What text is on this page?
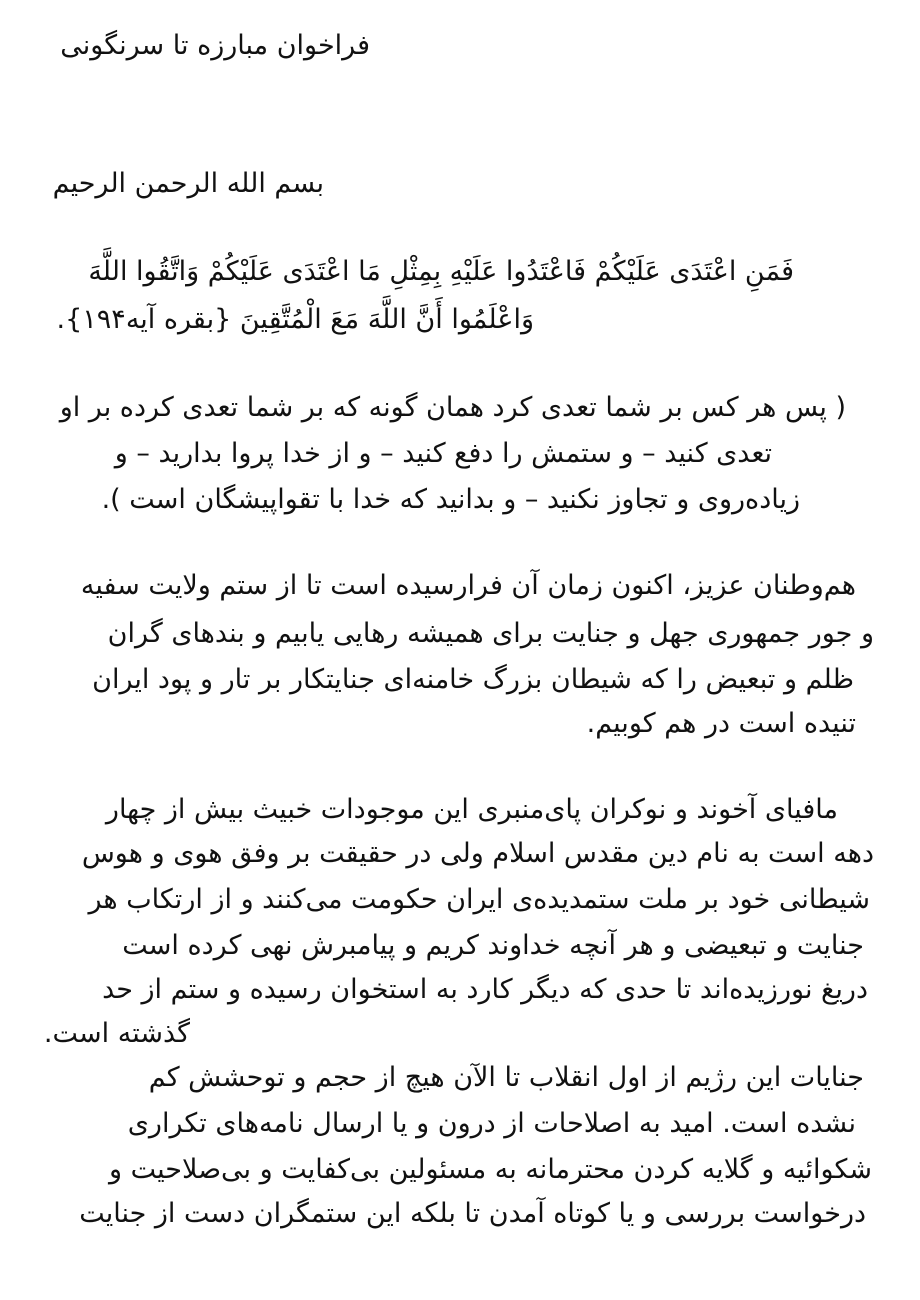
فراخوان مبارزه تا سرنگونی
بسم الله الرحمن الرحیم
فَمَنِ اعْتَدَى عَلَيْكُمْ فَاعْتَدُوا عَلَيْهِ بِمِثْلِ مَا اعْتَدَى عَلَيْكُمْ وَاتَّقُوا اللَّهَ
وَاعْلَمُوا أَنَّ اللَّهَ مَعَ الْمُتَّقِينَ {بقره آیه۱۹۴}.
( پس هر کس بر شما تعدی کرد همان گونه که بر شما تعدی کرده بر او
تعدی کنید – و ستمش را دفع کنید – و از خدا پروا بدارید – و
زیاده‌روی و تجاوز نکنید – و بدانید که خدا با تقواپیشگان است ).
هم‌وطنان عزیز، اکنون زمان آن فرارسیده است تا از ستم ولایت سفیه
و جور جمهوری جهل و جنایت برای همیشه رهایی یابیم و بندهای گران
ظلم و تبعیض را که شیطان بزرگ خامنه‌ای جنایتکار بر تار و پود ایران
تنیده است در هم کوبیم.
مافیای آخوند و نوکران پای‌منبری این موجودات خبیث بیش از چهار
دهه است به نام دین مقدس اسلام ولی در حقیقت بر وفق هوی و هوس
شیطانی خود بر ملت ستمدیده‌ی ایران حکومت می‌کنند و از ارتکاب هر
جنایت و تبعیضی و هر آنچه خداوند کریم و پیامبرش نهی کرده است
دریغ نورزیده‌اند تا حدی که دیگر کارد به استخوان رسیده و ستم از حد
گذشته است.
جنایات این رژیم از اول انقلاب تا الآن هیچ از حجم و توحشش کم
نشده است. امید به اصلاحات از درون و یا ارسال نامه‌های تکراری
شکوائیه و گلایه کردن محترمانه به مسئولین بی‌کفایت و بی‌صلاحیت و
درخواست بررسی و یا کوتاه آمدن تا بلکه این ستمگران دست از جنایت
